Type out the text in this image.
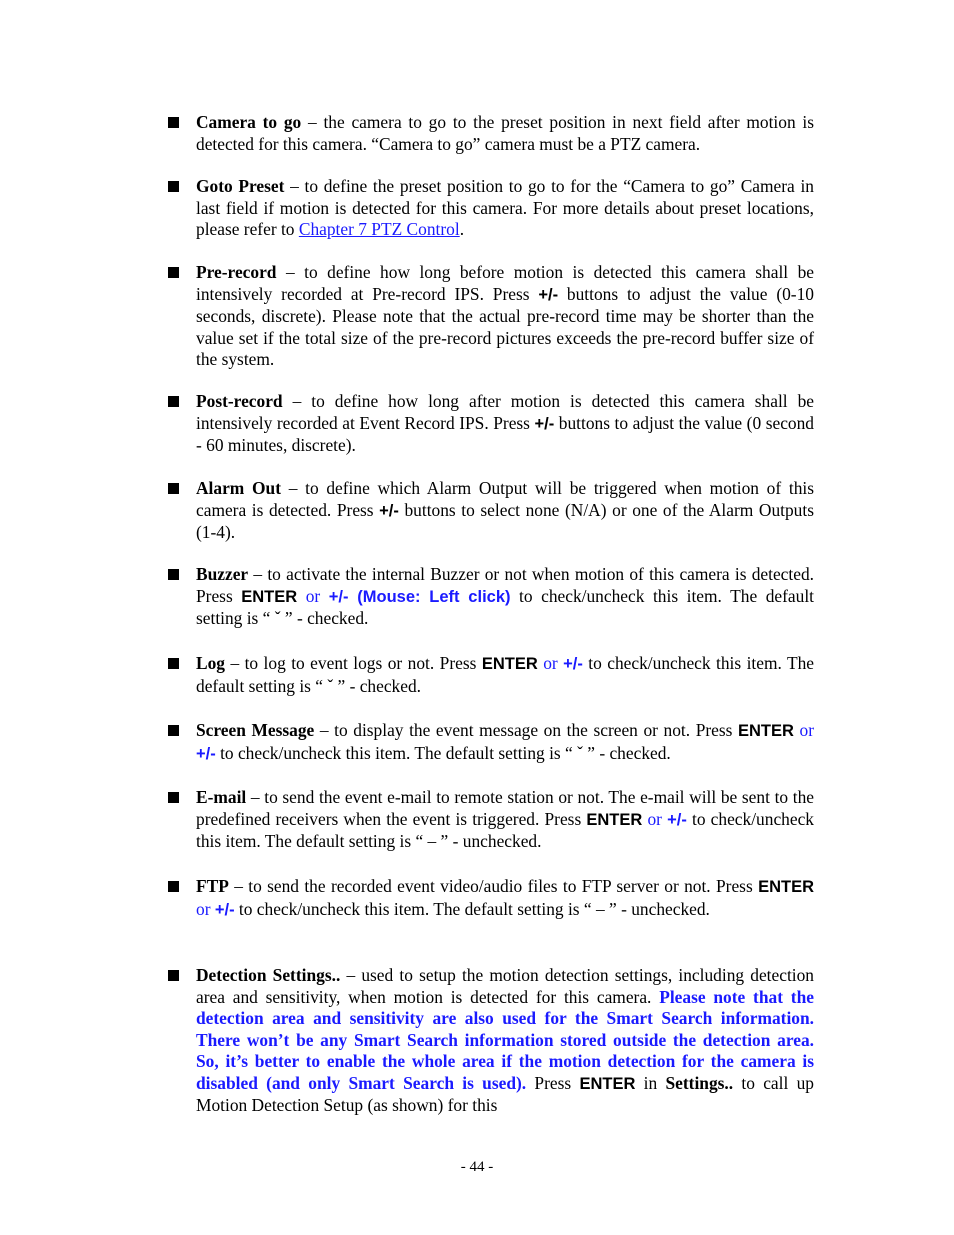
Camera to go – the camera to go to the preset position in next field after motion is detected for this camera. “Camera to go” camera must be a PTZ camera.
Goto Preset – to define the preset position to go to for the “Camera to go” Camera in last field if motion is detected for this camera. For more details about preset locations, please refer to Chapter 7 PTZ Control.
Pre-record – to define how long before motion is detected this camera shall be intensively recorded at Pre-record IPS. Press +/- buttons to adjust the value (0-10 seconds, discrete). Please note that the actual pre-record time may be shorter than the value set if the total size of the pre-record pictures exceeds the pre-record buffer size of the system.
Post-record – to define how long after motion is detected this camera shall be intensively recorded at Event Record IPS. Press +/- buttons to adjust the value (0 second - 60 minutes, discrete).
Alarm Out – to define which Alarm Output will be triggered when motion of this camera is detected. Press +/- buttons to select none (N/A) or one of the Alarm Outputs (1-4).
Buzzer – to activate the internal Buzzer or not when motion of this camera is detected. Press ENTER or +/- (Mouse: Left click) to check/uncheck this item. The default setting is “ ˇ ” - checked.
Log – to log to event logs or not. Press ENTER or +/- to check/uncheck this item. The default setting is “ ˇ ” - checked.
Screen Message – to display the event message on the screen or not. Press ENTER or +/- to check/uncheck this item. The default setting is “ ˇ ” - checked.
E-mail – to send the event e-mail to remote station or not. The e-mail will be sent to the predefined receivers when the event is triggered. Press ENTER or +/- to check/uncheck this item. The default setting is “ – ” - unchecked.
FTP – to send the recorded event video/audio files to FTP server or not. Press ENTER or +/- to check/uncheck this item. The default setting is “ – ” - unchecked.
Detection Settings.. – used to setup the motion detection settings, including detection area and sensitivity, when motion is detected for this camera. Please note that the detection area and sensitivity are also used for the Smart Search information. There won’t be any Smart Search information stored outside the detection area. So, it’s better to enable the whole area if the motion detection for the camera is disabled (and only Smart Search is used). Press ENTER in Settings.. to call up Motion Detection Setup (as shown) for this
- 44 -
